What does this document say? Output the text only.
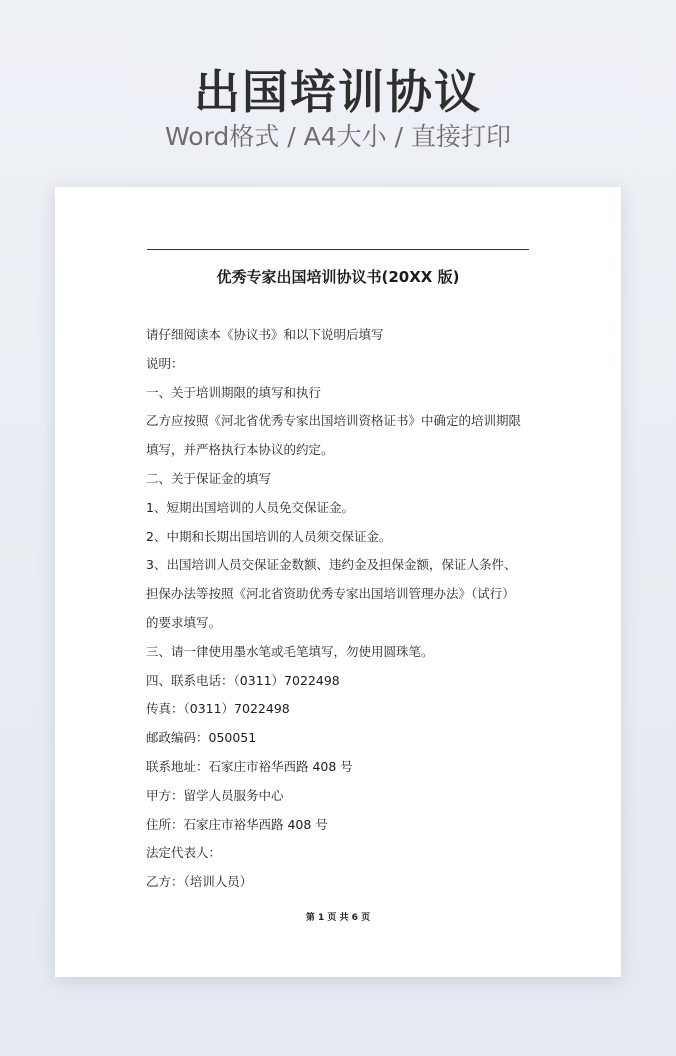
出国培训协议
Word格式 / A4大小 / 直接打印
优秀专家出国培训协议书(20XX 版)
请仔细阅读本《协议书》和以下说明后填写
说明：
一、关于培训期限的填写和执行
乙方应按照《河北省优秀专家出国培训资格证书》中确定的培训期限
填写，并严格执行本协议的约定。
二、关于保证金的填写
1、短期出国培训的人员免交保证金。
2、中期和长期出国培训的人员须交保证金。
3、出国培训人员交保证金数额、违约金及担保金额，保证人条件、
担保办法等按照《河北省资助优秀专家出国培训管理办法》（试行）
的要求填写。
三、请一律使用墨水笔或毛笔填写，勿使用圆珠笔。
四、联系电话：（0311）7022498
传真：（0311）7022498
邮政编码：050051
联系地址：石家庄市裕华西路 408 号
甲方：留学人员服务中心
住所：石家庄市裕华西路 408 号
法定代表人：
乙方：（培训人员）
第 1 页 共 6 页
